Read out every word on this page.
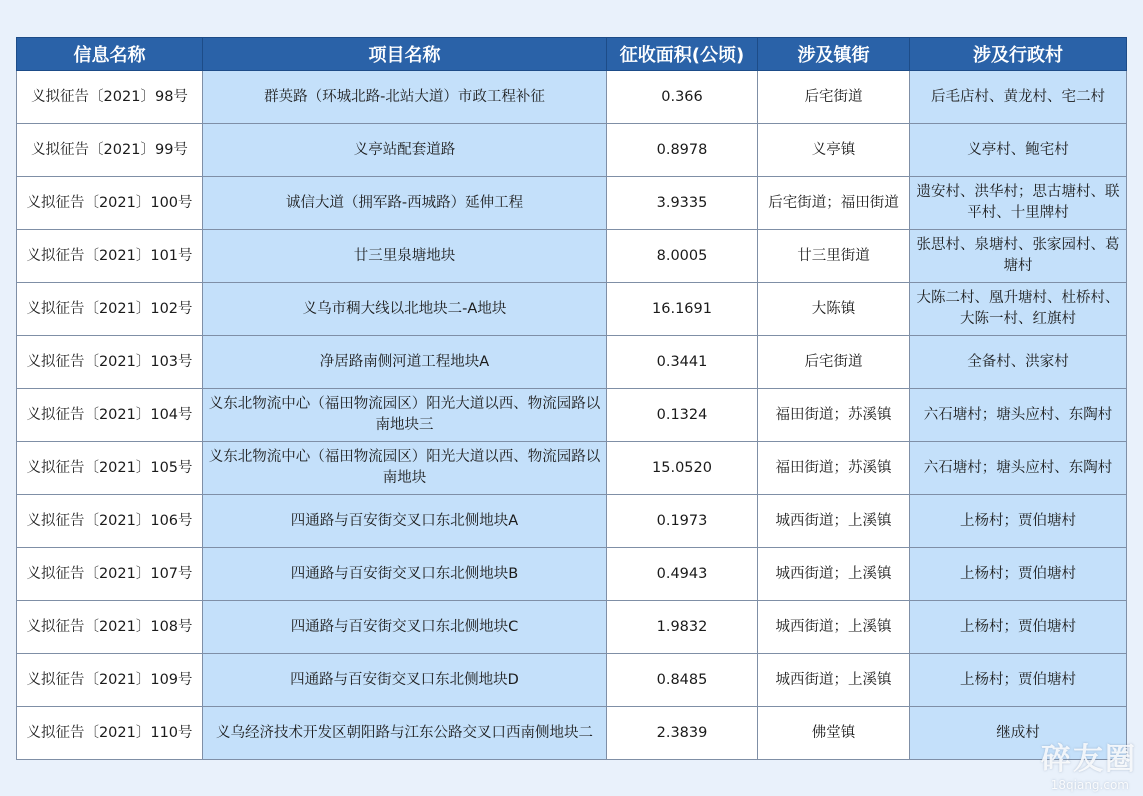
信息名称	项目名称	征收面积(公顷)	涉及镇街	涉及行政村
义拟征告〔2021〕98号	群英路（环城北路-北站大道）市政工程补征	0.366	后宅街道	后毛店村、黄龙村、宅二村
义拟征告〔2021〕99号	义亭站配套道路	0.8978	义亭镇	义亭村、鲍宅村
义拟征告〔2021〕100号	诚信大道（拥军路-西城路）延伸工程	3.9335	后宅街道；福田街道	遗安村、洪华村；思古塘村、联平村、十里牌村
义拟征告〔2021〕101号	廿三里泉塘地块	8.0005	廿三里街道	张思村、泉塘村、张家园村、葛塘村
义拟征告〔2021〕102号	义乌市稠大线以北地块二-A地块	16.1691	大陈镇	大陈二村、凰升塘村、杜桥村、大陈一村、红旗村
义拟征告〔2021〕103号	净居路南侧河道工程地块A	0.3441	后宅街道	全备村、洪家村
义拟征告〔2021〕104号	义东北物流中心（福田物流园区）阳光大道以西、物流园路以南地块三	0.1324	福田街道；苏溪镇	六石塘村；塘头应村、东陶村
义拟征告〔2021〕105号	义东北物流中心（福田物流园区）阳光大道以西、物流园路以南地块	15.0520	福田街道；苏溪镇	六石塘村；塘头应村、东陶村
义拟征告〔2021〕106号	四通路与百安街交叉口东北侧地块A	0.1973	城西街道；上溪镇	上杨村；贾伯塘村
义拟征告〔2021〕107号	四通路与百安街交叉口东北侧地块B	0.4943	城西街道；上溪镇	上杨村；贾伯塘村
义拟征告〔2021〕108号	四通路与百安街交叉口东北侧地块C	1.9832	城西街道；上溪镇	上杨村；贾伯塘村
义拟征告〔2021〕109号	四通路与百安街交叉口东北侧地块D	0.8485	城西街道；上溪镇	上杨村；贾伯塘村
义拟征告〔2021〕110号	义乌经济技术开发区朝阳路与江东公路交叉口西南侧地块二	2.3839	佛堂镇	继成村
碎友圈
18qiang.com
